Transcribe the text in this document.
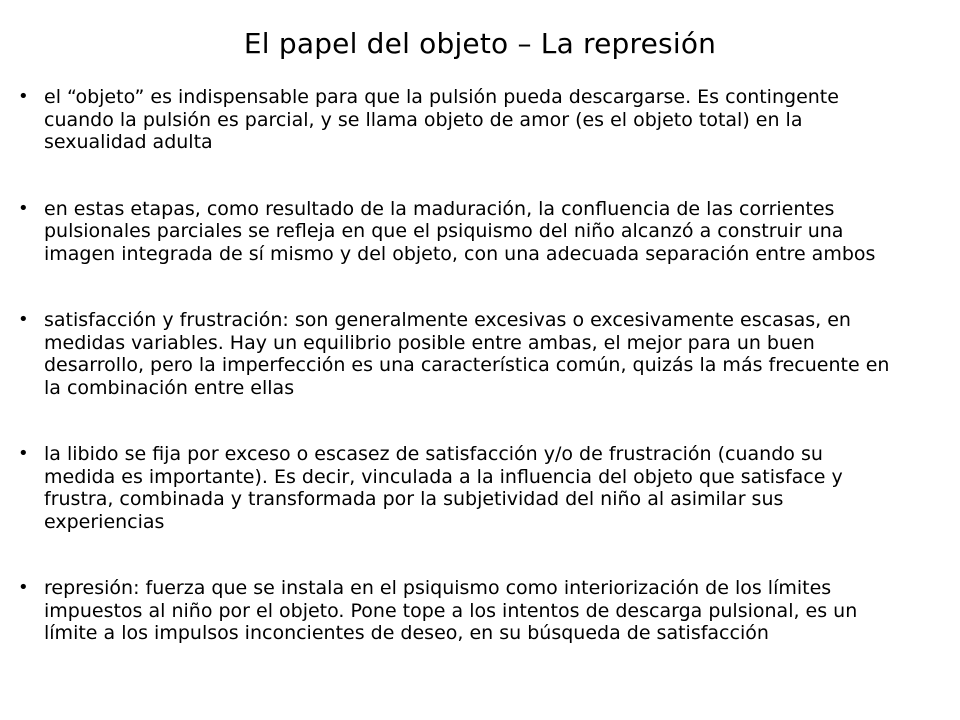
El papel del objeto – La represión
• el “objeto” es indispensable para que la pulsión pueda descargarse. Es contingente cuando la pulsión es parcial, y se llama objeto de amor (es el objeto total) en la sexualidad adulta
• en estas etapas, como resultado de la maduración, la confluencia de las corrientes pulsionales parciales se refleja en que el psiquismo del niño alcanzó a construir una imagen integrada de sí mismo y del objeto, con una adecuada separación entre ambos
• satisfacción y frustración: son generalmente excesivas o excesivamente escasas, en medidas variables. Hay un equilibrio posible entre ambas, el mejor para un buen desarrollo, pero la imperfección es una característica común, quizás la más frecuente en la combinación entre ellas
• la libido se fija por exceso o escasez de satisfacción y/o de frustración (cuando su medida es importante). Es decir, vinculada a la influencia del objeto que satisface y frustra, combinada y transformada por la subjetividad del niño al asimilar sus experiencias
• represión: fuerza que se instala en el psiquismo como interiorización de los límites impuestos al niño por el objeto. Pone tope a los intentos de descarga pulsional, es un límite a los impulsos inconcientes de deseo, en su búsqueda de satisfacción
